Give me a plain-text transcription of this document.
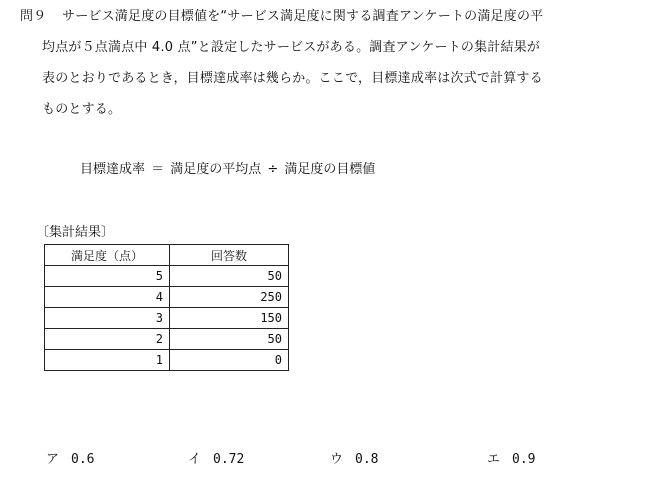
問９ サービス満足度の目標値を“サービス満足度に関する調査アンケートの満足度の平
均点が５点満点中 4.0 点”と設定したサービスがある。調査アンケートの集計結果が
表のとおりであるとき，目標達成率は幾らか。ここで，目標達成率は次式で計算する
ものとする。
目標達成率 ＝ 満足度の平均点 ÷ 満足度の目標値
〔集計結果〕
満足度（点）	回答数
5	50
4	250
3	150
2	50
1	0
ア 0.6	イ 0.72	ウ 0.8	エ 0.9
